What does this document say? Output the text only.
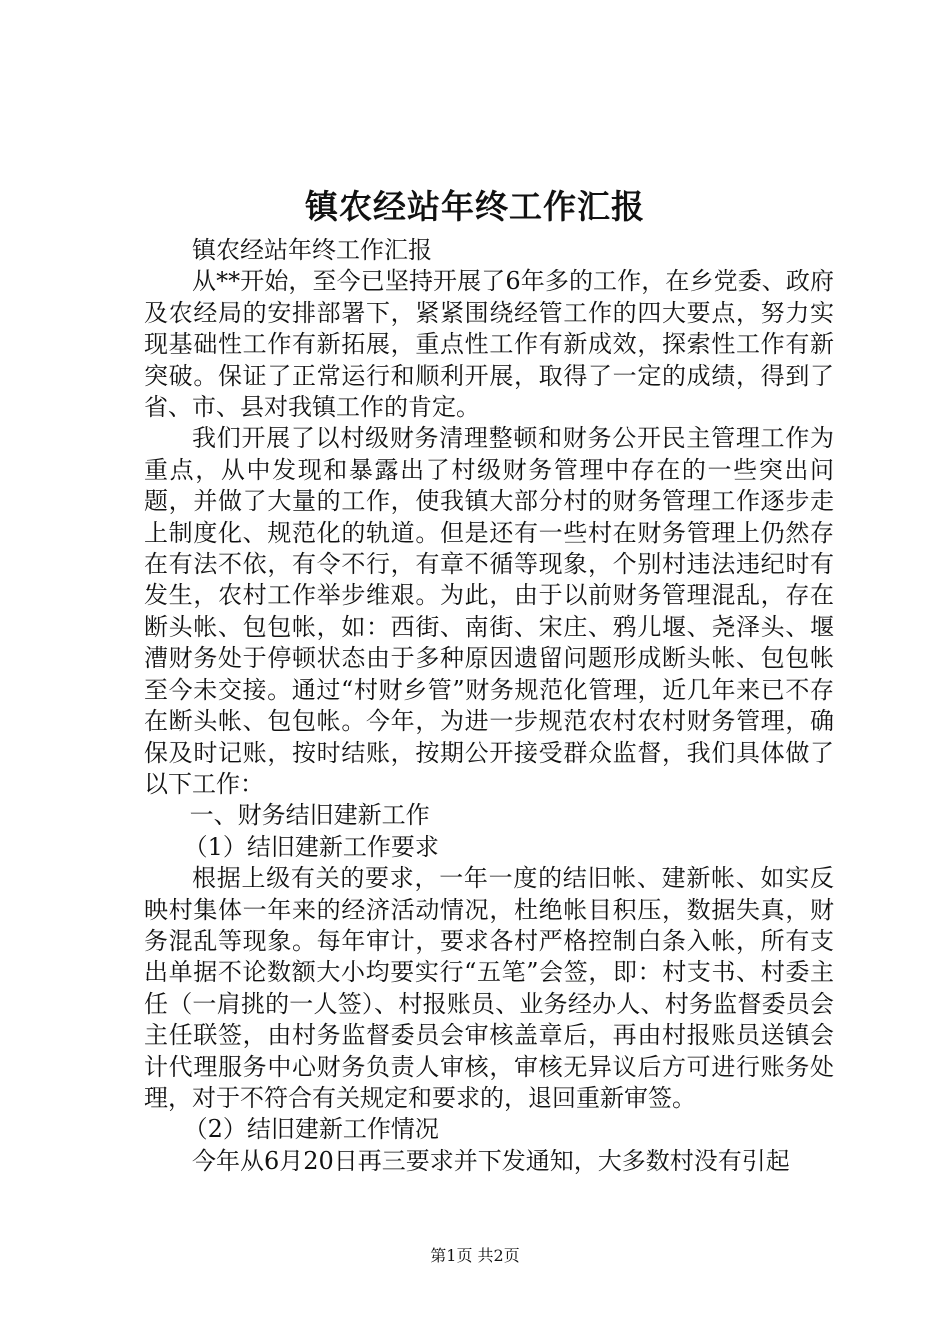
镇农经站年终工作汇报

镇农经站年终工作汇报

从**开始，至今已坚持开展了6年多的工作，在乡党委、政府及农经局的安排部署下，紧紧围绕经管工作的四大要点，努力实现基础性工作有新拓展，重点性工作有新成效，探索性工作有新突破。保证了正常运行和顺利开展，取得了一定的成绩，得到了省、市、县对我镇工作的肯定。

我们开展了以村级财务清理整顿和财务公开民主管理工作为重点，从中发现和暴露出了村级财务管理中存在的一些突出问题，并做了大量的工作，使我镇大部分村的财务管理工作逐步走上制度化、规范化的轨道。但是还有一些村在财务管理上仍然存在有法不依，有令不行，有章不循等现象，个别村违法违纪时有发生，农村工作举步维艰。为此，由于以前财务管理混乱，存在断头帐、包包帐，如：西街、南街、宋庄、鸦儿堰、尧泽头、堰漕财务处于停顿状态由于多种原因遗留问题形成断头帐、包包帐至今未交接。通过“村财乡管”财务规范化管理，近几年来已不存在断头帐、包包帐。今年，为进一步规范农村农村财务管理，确保及时记账，按时结账，按期公开接受群众监督，我们具体做了以下工作：

一、财务结旧建新工作

（1）结旧建新工作要求

根据上级有关的要求，一年一度的结旧帐、建新帐、如实反映村集体一年来的经济活动情况，杜绝帐目积压，数据失真，财务混乱等现象。每年审计，要求各村严格控制白条入帐，所有支出单据不论数额大小均要实行“五笔”会签，即：村支书、村委主任（一肩挑的一人签）、村报账员、业务经办人、村务监督委员会主任联签，由村务监督委员会审核盖章后，再由村报账员送镇会计代理服务中心财务负责人审核，审核无异议后方可进行账务处理，对于不符合有关规定和要求的，退回重新审签。

（2）结旧建新工作情况

今年从6月20日再三要求并下发通知，大多数村没有引起

第1页 共2页
